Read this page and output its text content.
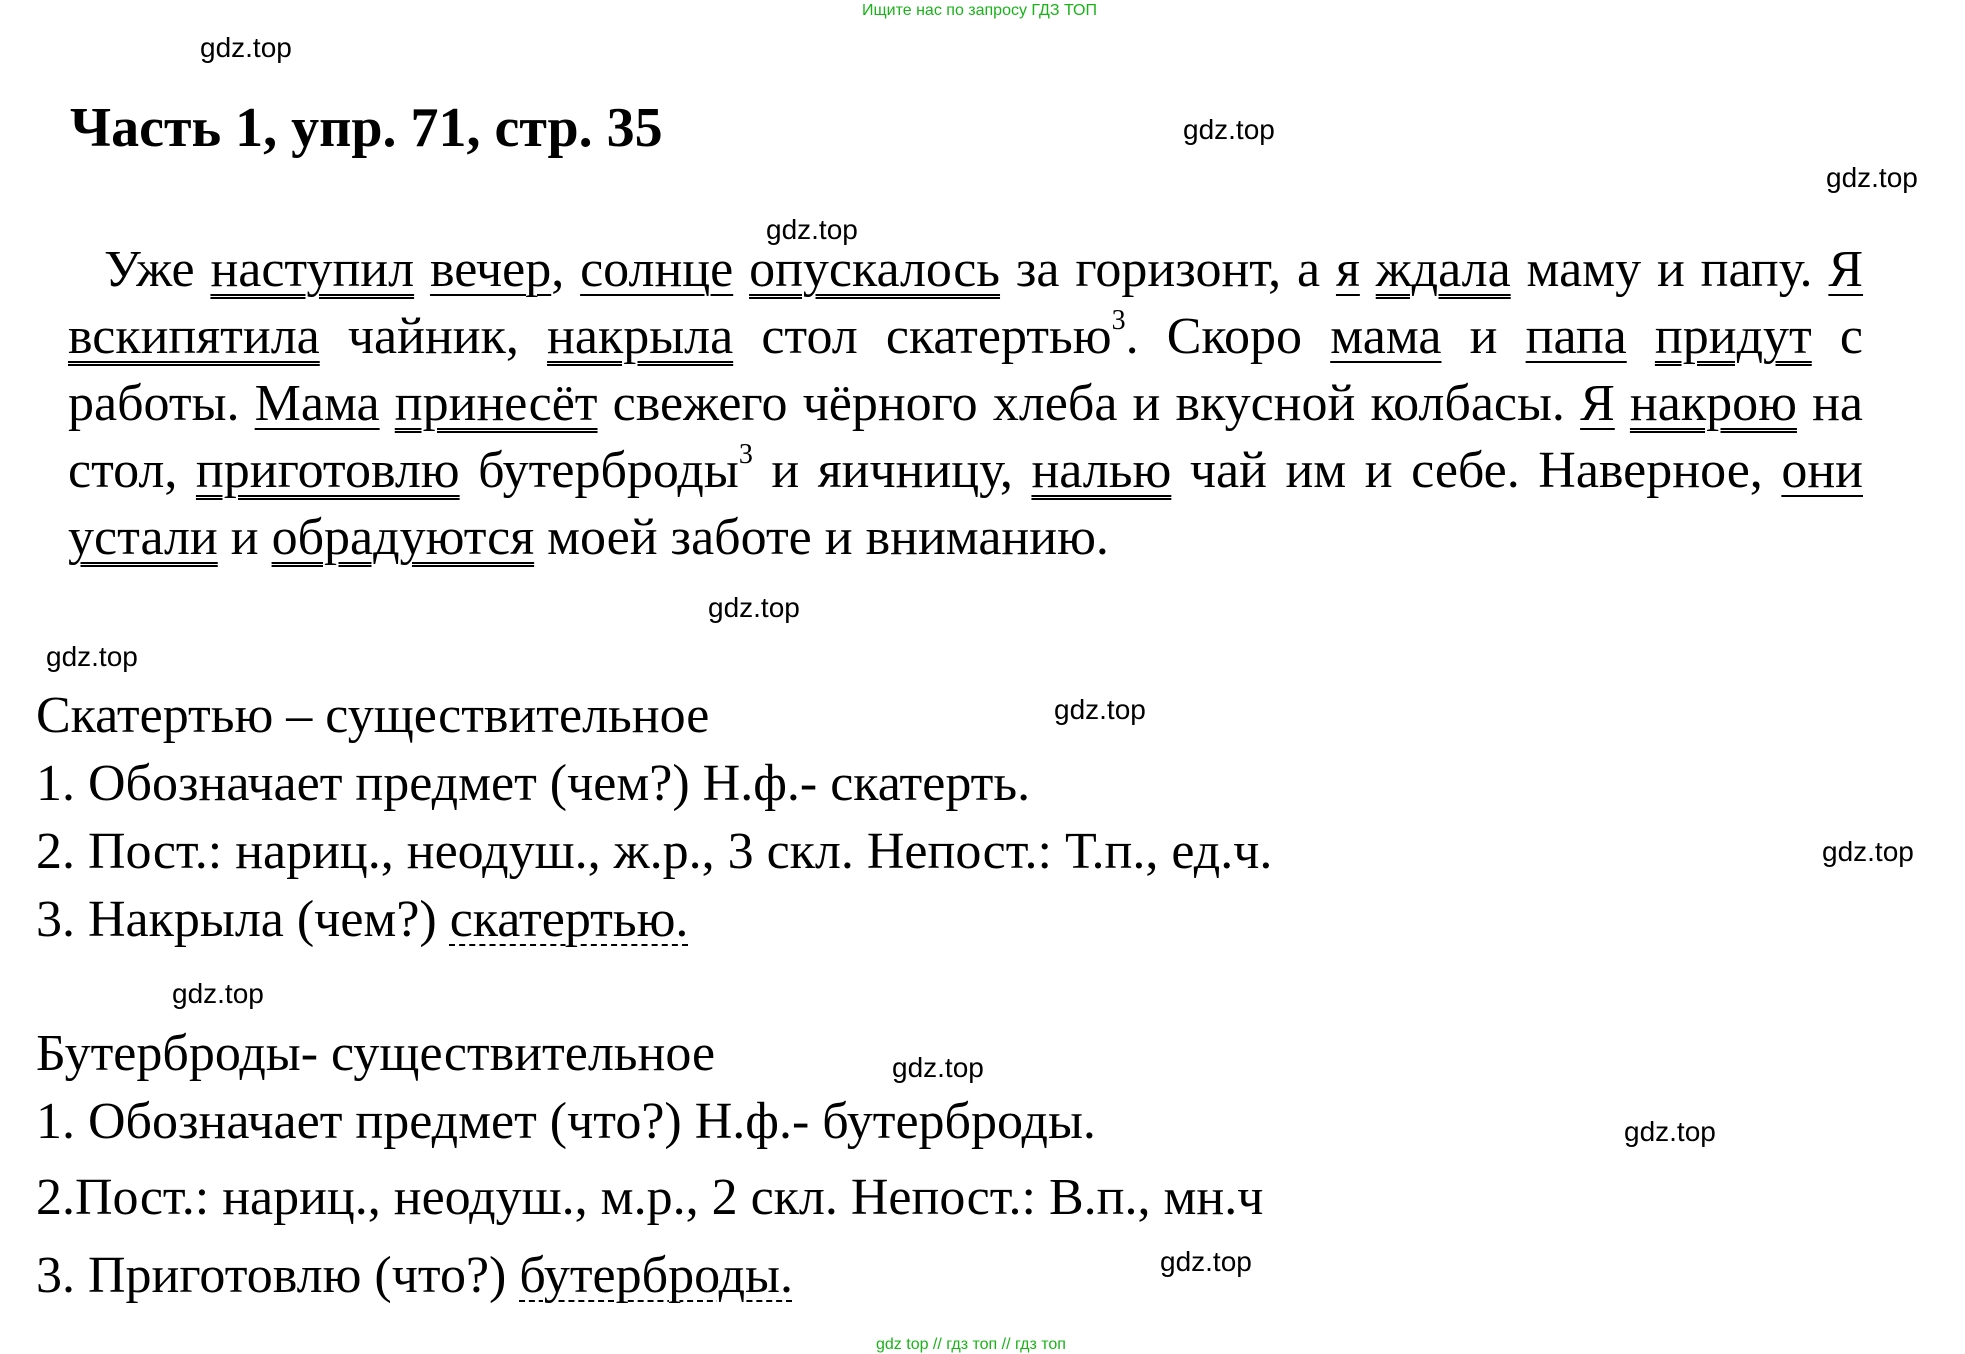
Ищите нас по запросу ГДЗ ТОП
gdz.top
gdz.top
gdz.top
gdz.top
gdz.top
gdz.top
gdz.top
gdz.top
gdz.top
gdz.top
gdz.top
gdz.top
Часть 1, упр. 71, стр. 35
Уже наступил вечер, солнце опускалось за горизонт, а я ждала маму и папу. Я вскипятила чайник, накрыла стол скатертью$^3$. Скоро мама и папа придут с работы. Мама принесёт свежего чёрного хлеба и вкусной колбасы. Я накрою на стол, приготовлю бутерброды$^3$ и яичницу, налью чай им и себе. Наверное, они устали и обрадуются моей заботе и вниманию.
Скатертью – существительное
1. Обозначает предмет (чем?) Н.ф.- скатерть.
2. Пост.: нариц., неодуш., ж.р., 3 скл. Непост.: Т.п., ед.ч.
3. Накрыла (чем?) скатертью.
Бутерброды- существительное
1. Обозначает предмет (что?) Н.ф.- бутерброды.
2.Пост.: нариц., неодуш., м.р., 2 скл. Непост.: В.п., мн.ч
3. Приготовлю (что?) бутерброды.
gdz top // гдз топ // гдз топ
